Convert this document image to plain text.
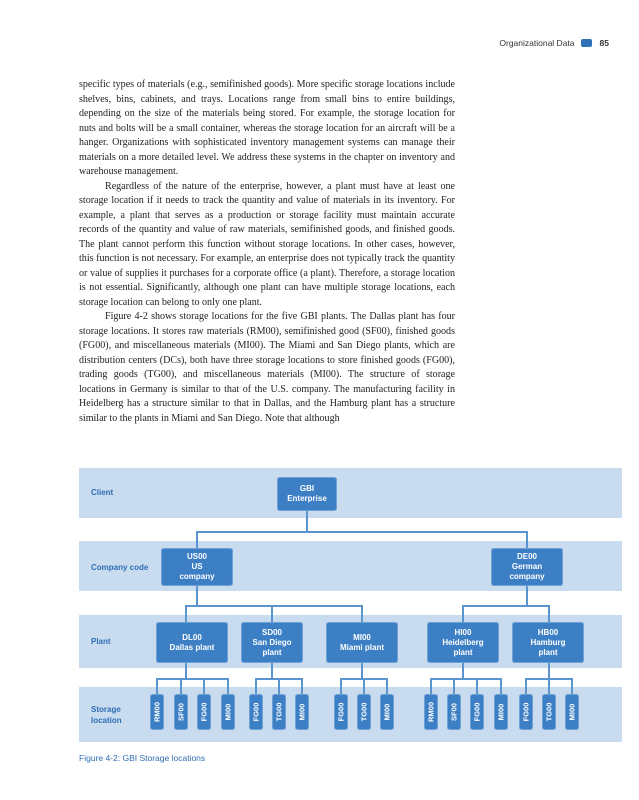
Organizational Data	85

specific types of materials (e.g., semifinished goods). More specific storage locations include shelves, bins, cabinets, and trays. Locations range from small bins to entire buildings, depending on the size of the materials being stored. For example, the storage location for nuts and bolts will be a small container, whereas the storage location for an aircraft will be a hanger. Organizations with sophisticated inventory management systems can manage their materials on a more detailed level. We address these systems in the chapter on inventory and warehouse management.

Regardless of the nature of the enterprise, however, a plant must have at least one storage location if it needs to track the quantity and value of materials in its inventory. For example, a plant that serves as a production or storage facility must maintain accurate records of the quantity and value of raw materials, semifinished goods, and finished goods. The plant cannot perform this function without storage locations. In other cases, however, this function is not necessary. For example, an enterprise does not typically track the quantity or value of supplies it purchases for a corporate office (a plant). Therefore, a storage location is not essential. Significantly, although one plant can have multiple storage locations, each storage location can belong to only one plant.

Figure 4-2 shows storage locations for the five GBI plants. The Dallas plant has four storage locations. It stores raw materials (RM00), semifinished good (SF00), finished goods (FG00), and miscellaneous materials (MI00). The Miami and San Diego plants, which are distribution centers (DCs), both have three storage locations to store finished goods (FG00), trading goods (TG00), and miscellaneous materials (MI00). The structure of storage locations in Germany is similar to that of the U.S. company. The manufacturing facility in Heidelberg has a structure similar to that in Dallas, and the Hamburg plant has a structure similar to the plants in Miami and San Diego. Note that although

Client
Company code
Plant
Storage
location
GBI
Enterprise
US00
US
company
DE00
German
company
DL00
Dallas plant
SD00
San Diego
plant
MI00
Miami plant
HI00
Heidelberg
plant
HB00
Hamburg
plant
RM00 SF00 FG00 MI00	FG00 TG00 MI00	FG00 TG00 MI00	RM00 SF00 FG00 MI00 FG00 TG00 MI00
Figure 4-2: GBI Storage locations
